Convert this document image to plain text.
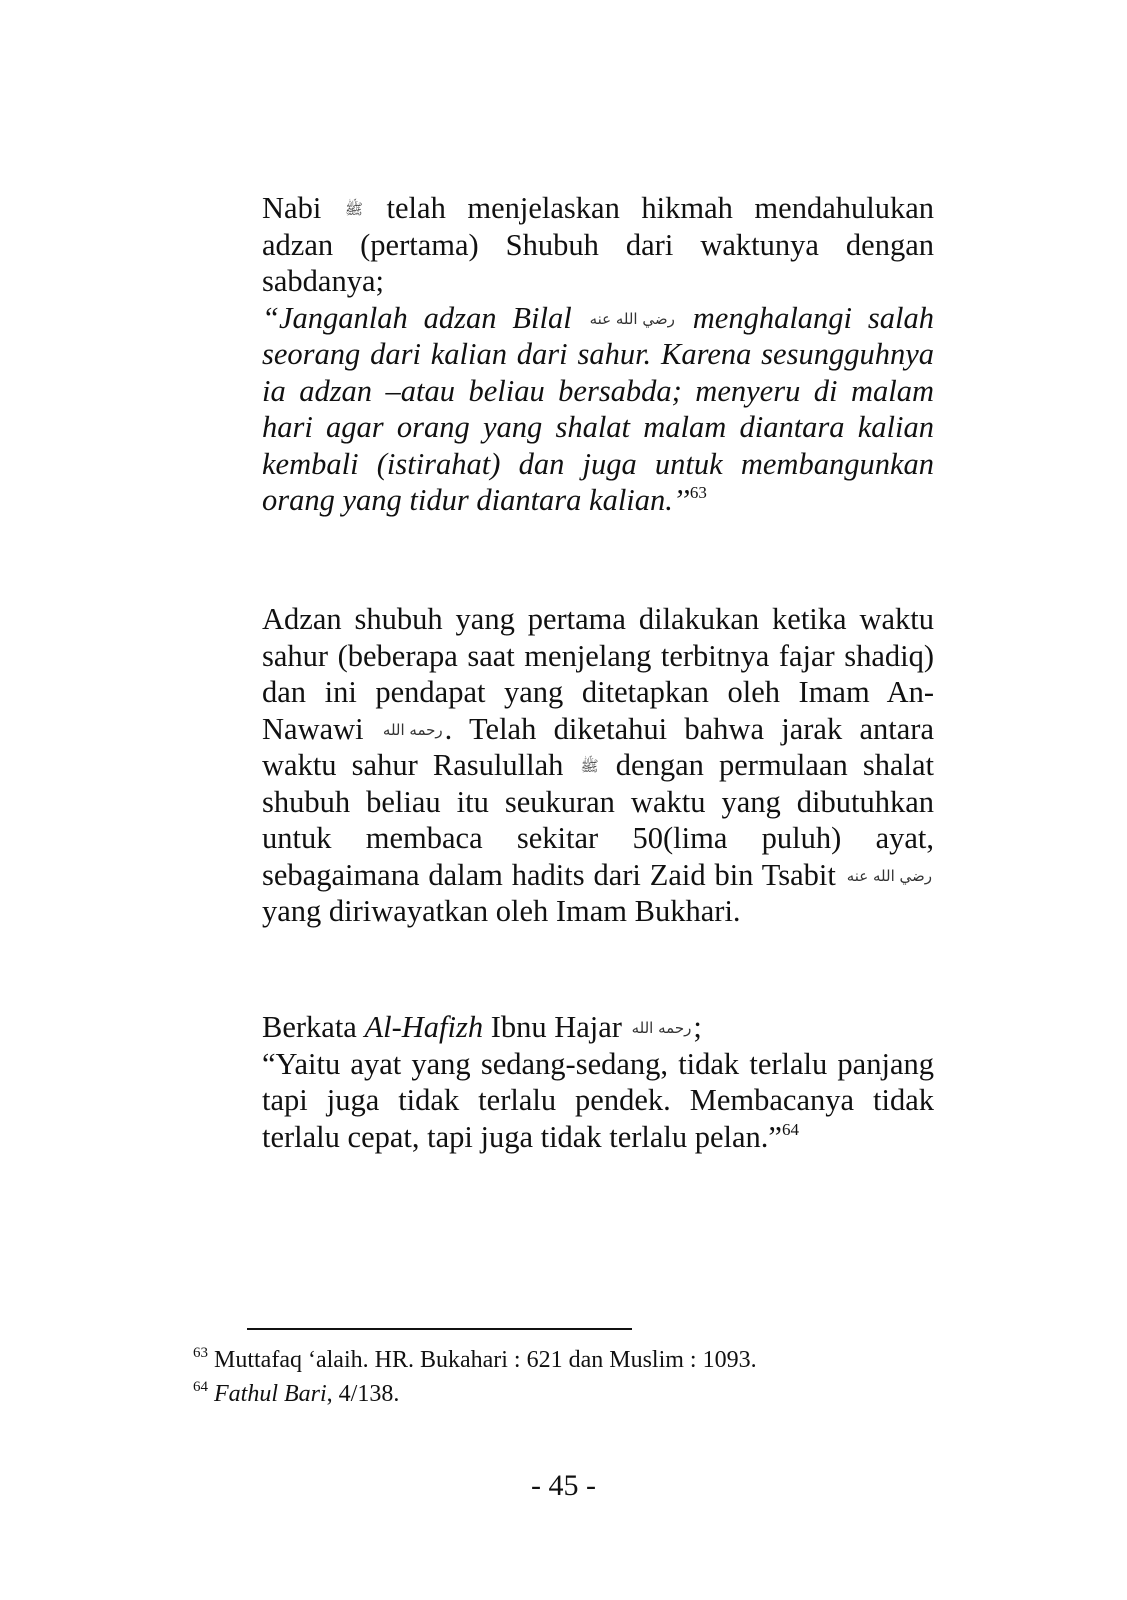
Nabi ﷺ telah menjelaskan hikmah mendahulukan adzan (pertama) Shubuh dari waktunya dengan sabdanya;

“Janganlah adzan Bilal رضي الله عنه menghalangi salah seorang dari kalian dari sahur. Karena sesungguhnya ia adzan –atau beliau bersabda; menyeru di malam hari agar orang yang shalat malam diantara kalian kembali (istirahat) dan juga untuk membangunkan orang yang tidur diantara kalian.’’$^{63}$

Adzan shubuh yang pertama dilakukan ketika waktu sahur (beberapa saat menjelang terbitnya fajar shadiq) dan ini pendapat yang ditetapkan oleh Imam An-Nawawi رحمه الله. Telah diketahui bahwa jarak antara waktu sahur Rasulullah ﷺ dengan permulaan shalat shubuh beliau itu seukuran waktu yang dibutuhkan untuk membaca sekitar 50(lima puluh) ayat, sebagaimana dalam hadits dari Zaid bin Tsabit رضي الله عنه yang diriwayatkan oleh Imam Bukhari.

Berkata Al-Hafizh Ibnu Hajar رحمه الله;

“Yaitu ayat yang sedang-sedang, tidak terlalu panjang tapi juga tidak terlalu pendek. Membacanya tidak terlalu cepat, tapi juga tidak terlalu pelan.”$^{64}$

$^{63}$ Muttafaq ‘alaih. HR. Bukahari : 621 dan Muslim : 1093.

$^{64}$ Fathul Bari, 4/138.

- 45 -
